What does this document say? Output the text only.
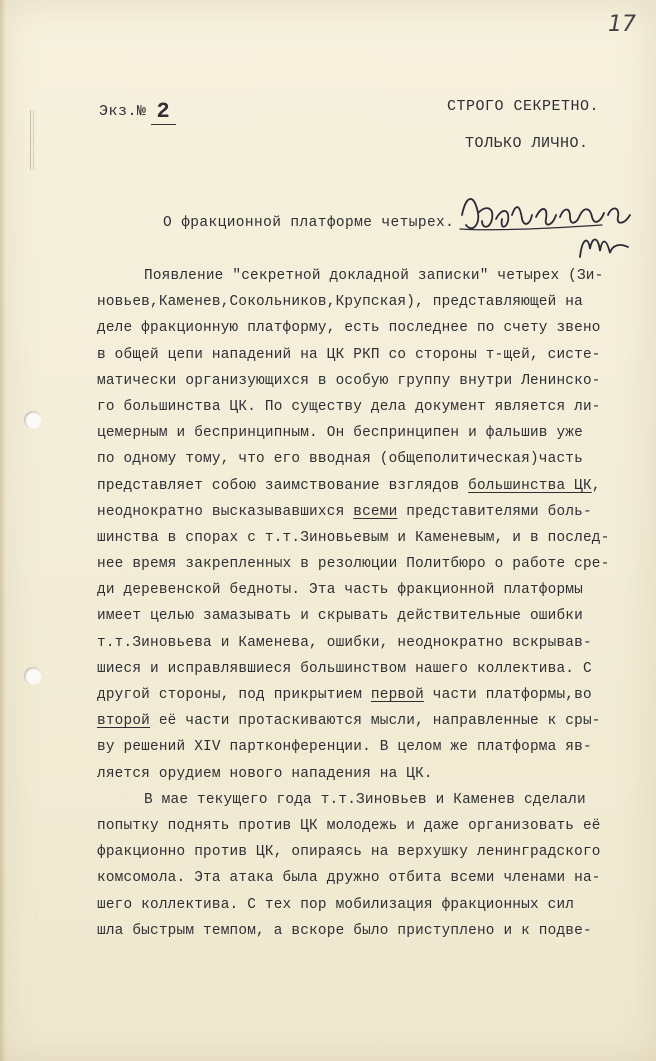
17
Экз.№ 2	СТРОГО СЕКРЕТНО.
ТОЛЬКО ЛИЧНО.
О фракционной платформе четырех.
Появление "секретной докладной записки" четырех (Зи-
новьев,Каменев,Сокольников,Крупская), представляющей на
деле фракционную платформу, есть последнее по счету звено
в общей цепи нападений на ЦК РКП со стороны т-щей, систе-
матически организующихся в особую группу внутри Ленинско-
го большинства ЦК. По существу дела документ является ли-
цемерным и беспринципным. Он беспринципен и фальшив уже
по одному тому, что его вводная (общеполитическая)часть
представляет собою заимствование взглядов большинства ЦК,
неоднократно высказывавшихся всеми представителями боль-
шинства в спорах с т.т.Зиновьевым и Каменевым, и в послед-
нее время закрепленных в резолюции Политбюро о работе сре-
ди деревенской бедноты. Эта часть фракционной платформы
имеет целью замазывать и скрывать действительные ошибки
т.т.Зиновьева и Каменева, ошибки, неоднократно вскрывав-
шиеся и исправлявшиеся большинством нашего коллектива. С
другой стороны, под прикрытием первой части платформы,во
второй её части протаскиваются мысли, направленные к сры-
ву решений XIV партконференции. В целом же платформа яв-
ляется орудием нового нападения на ЦК.
В мае текущего года т.т.Зиновьев и Каменев сделали
попытку поднять против ЦК молодежь и даже организовать её
фракционно против ЦК, опираясь на верхушку ленинградского
комсомола. Эта атака была дружно отбита всеми членами на-
шего коллектива. С тех пор мобилизация фракционных сил
шла быстрым темпом, а вскоре было приступлено и к подве-
